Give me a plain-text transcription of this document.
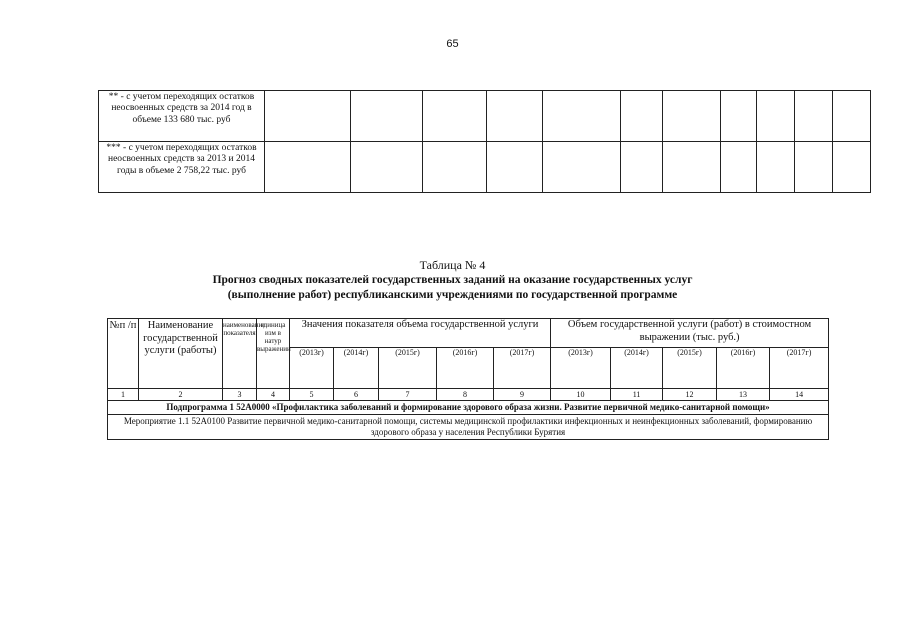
65
** - с учетом переходящих остатков неосвоенных средств за 2014 год в объеме 133 680 тыс. руб											
*** - с учетом переходящих остатков неосвоенных средств за 2013 и 2014 годы в объеме 2 758,22 тыс. руб											
Таблица № 4
Прогноз сводных показателей государственных заданий на оказание государственных услуг
(выполнение работ) республиканскими учреждениями по государственной программе
№п /п	Наименование государственной услуги (работы)	наименование показателя	единица изм в натур выражении	Значения показателя объема государственной услуги					Объем государственной услуги (работ) в стоимостном выражении (тыс. руб.)				
				(2013г)	(2014г)	(2015г)	(2016г)	(2017г)	(2013г)	(2014г)	(2015г)	(2016г)	(2017г)
1	2	3	4	5	6	7	8	9	10	11	12	13	14
Подпрограмма 1 52А0000 «Профилактика заболеваний и формирование здорового образа жизни. Развитие первичной медико-санитарной помощи»													
Мероприятие 1.1 52А0100 Развитие первичной медико-санитарной помощи, системы медицинской профилактики инфекционных и неинфекционных заболеваний, формированию здорового образа у населения Республики Бурятия													
